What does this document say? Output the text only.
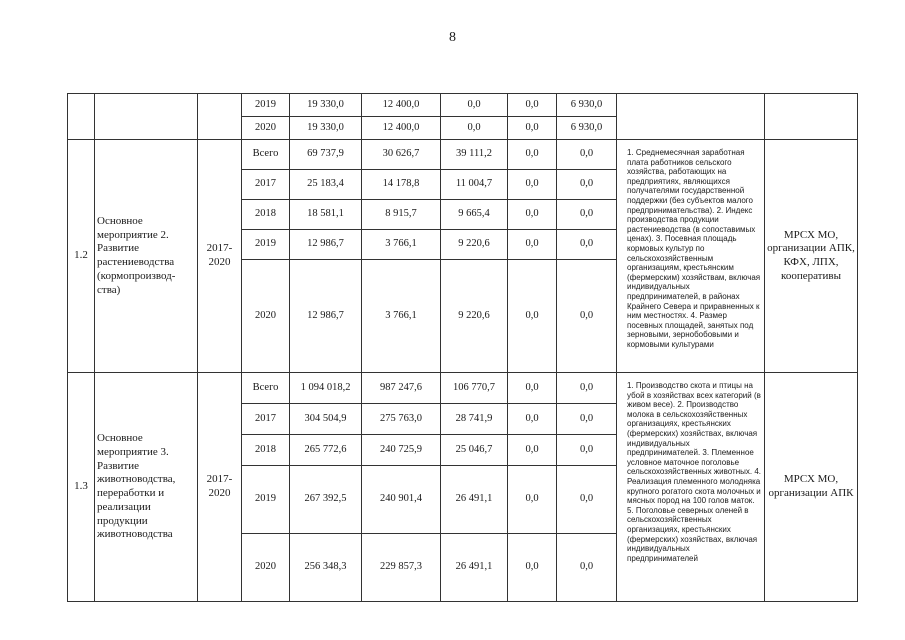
8
			2019	19 330,0	12 400,0	0,0	0,0	6 930,0		
			2020	19 330,0	12 400,0	0,0	0,0	6 930,0		
1.2	Основное мероприятие 2. Развитие растениеводства (кормопроизвод-ства)	2017-2020	Всего	69 737,9	30 626,7	39 111,2	0,0	0,0	1. Среднемесячная заработная плата работников сельского хозяйства, работающих на предприятиях, являющихся получателями государственной поддержки (без субъектов малого предпринимательства). 2. Индекс производства продукции растениеводства (в сопоставимых ценах). 3. Посевная площадь кормовых культур по сельскохозяйственным организациям, крестьянским (фермерским) хозяйствам, включая индивидуальных предпринимателей, в районах Крайнего Севера и приравненных к ним местностях. 4. Размер посевных площадей, занятых под зерновыми, зернобобовыми и кормовыми культурами	МРСХ МО, организации АПК, КФХ, ЛПХ, кооперативы
			2017	25 183,4	14 178,8	11 004,7	0,0	0,0		
			2018	18 581,1	8 915,7	9 665,4	0,0	0,0		
			2019	12 986,7	3 766,1	9 220,6	0,0	0,0		
			2020	12 986,7	3 766,1	9 220,6	0,0	0,0		
1.3	Основное мероприятие 3. Развитие животноводства, переработки и реализации продукции животноводства	2017-2020	Всего	1 094 018,2	987 247,6	106 770,7	0,0	0,0	1. Производство скота и птицы на убой в хозяйствах всех категорий (в живом весе). 2. Производство молока в сельскохозяйственных организациях, крестьянских (фермерских) хозяйствах, включая индивидуальных предпринимателей. 3. Племенное условное маточное поголовье сельскохозяйственных животных. 4. Реализация племенного молодняка крупного рогатого скота молочных и мясных пород на 100 голов маток. 5. Поголовье северных оленей в сельскохозяйственных организациях, крестьянских (фермерских) хозяйствах, включая индивидуальных предпринимателей	МРСХ МО, организации АПК
			2017	304 504,9	275 763,0	28 741,9	0,0	0,0		
			2018	265 772,6	240 725,9	25 046,7	0,0	0,0		
			2019	267 392,5	240 901,4	26 491,1	0,0	0,0		
			2020	256 348,3	229 857,3	26 491,1	0,0	0,0		
